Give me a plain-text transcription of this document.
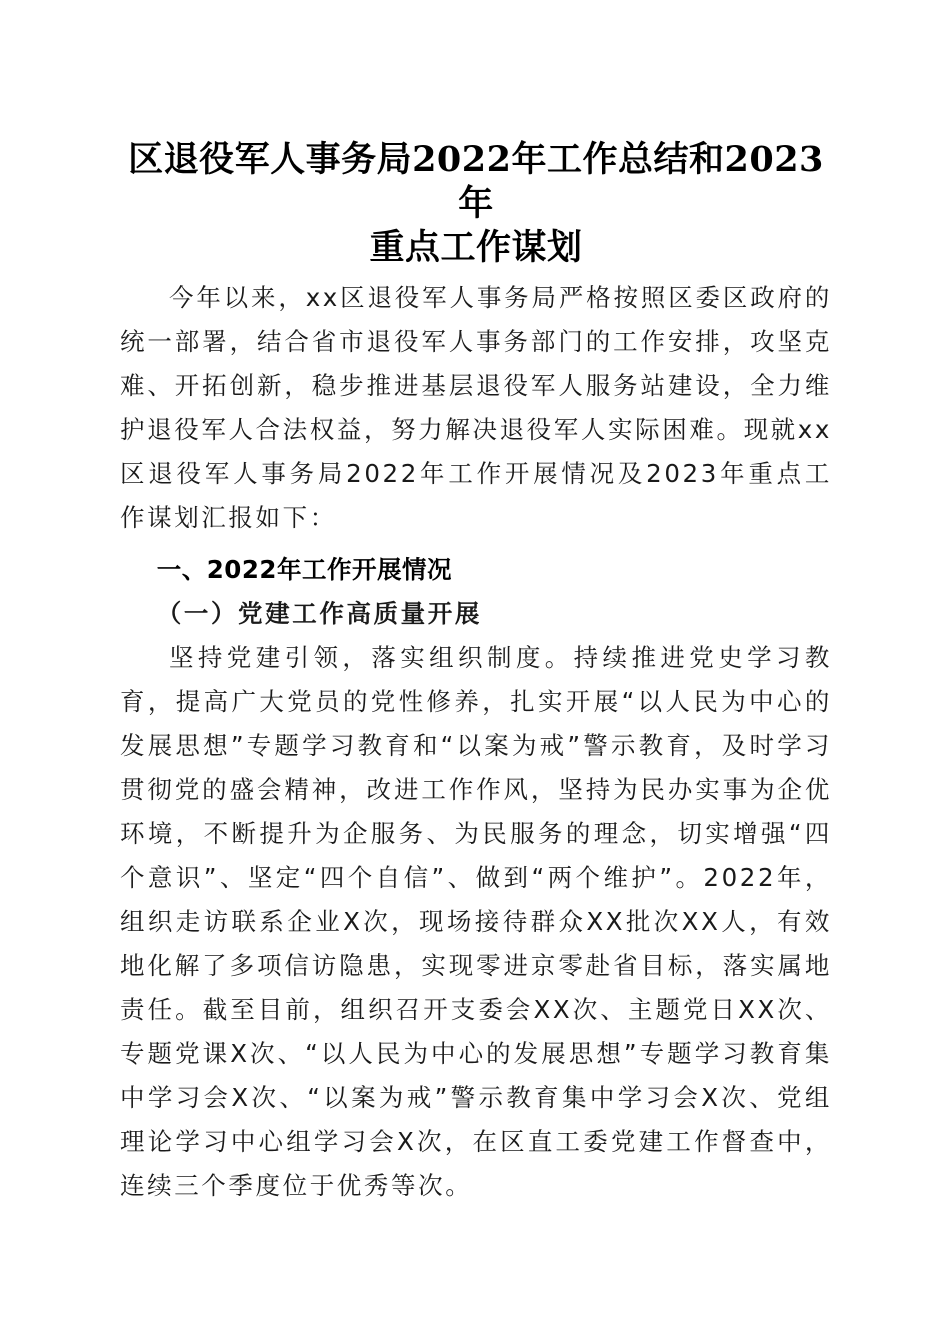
区退役军人事务局2022年工作总结和2023年
重点工作谋划

今年以来，xx区退役军人事务局严格按照区委区政府的统一部署，结合省市退役军人事务部门的工作安排，攻坚克难、开拓创新，稳步推进基层退役军人服务站建设，全力维护退役军人合法权益，努力解决退役军人实际困难。现就xx区退役军人事务局2022年工作开展情况及2023年重点工作谋划汇报如下：

一、2022年工作开展情况
（一）党建工作高质量开展

坚持党建引领，落实组织制度。持续推进党史学习教育，提高广大党员的党性修养，扎实开展“以人民为中心的发展思想”专题学习教育和“以案为戒”警示教育，及时学习贯彻党的盛会精神，改进工作作风，坚持为民办实事为企优环境，不断提升为企服务、为民服务的理念，切实增强“四个意识”、坚定“四个自信”、做到“两个维护”。2022年，组织走访联系企业X次，现场接待群众XX批次XX人，有效地化解了多项信访隐患，实现零进京零赴省目标，落实属地责任。截至目前，组织召开支委会XX次、主题党日XX次、专题党课X次、“以人民为中心的发展思想”专题学习教育集中学习会X次、“以案为戒”警示教育集中学习会X次、党组理论学习中心组学习会X次，在区直工委党建工作督查中，连续三个季度位于优秀等次。
